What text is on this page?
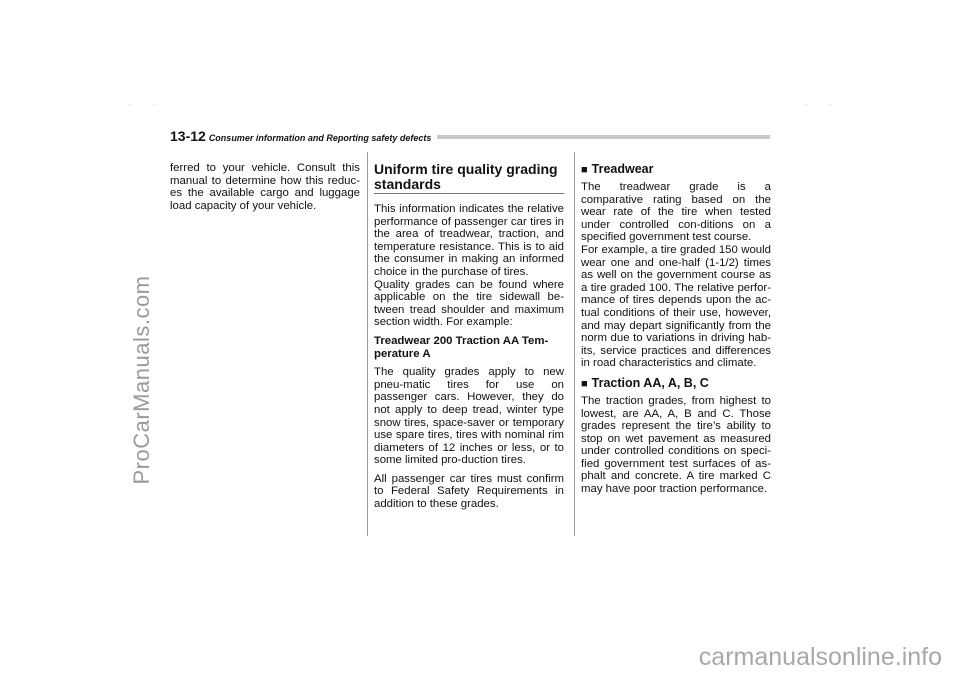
· ·	· ·
ProCarManuals.com
carmanualsonline.info
13-12 Consumer information and Reporting safety defects

ferred to your vehicle. Consult this manual to determine how this reduc-es the available cargo and luggage load capacity of your vehicle.

Uniform tire quality grading standards

This information indicates the relative performance of passenger car tires in the area of treadwear, traction, and temperature resistance. This is to aid the consumer in making an informed choice in the purchase of tires.

Quality grades can be found where applicable on the tire sidewall be-tween tread shoulder and maximum section width. For example:

Treadwear 200 Traction AA Tem-perature A

The quality grades apply to new pneu-matic tires for use on passenger cars. However, they do not apply to deep tread, winter type snow tires, space-saver or temporary use spare tires, tires with nominal rim diameters of 12 inches or less, or to some limited pro-duction tires.

All passenger car tires must confirm to Federal Safety Requirements in addition to these grades.

■ Treadwear

The treadwear grade is a comparative rating based on the wear rate of the tire when tested under controlled con-ditions on a specified government test course.

For example, a tire graded 150 would wear one and one-half (1-1/2) times as well on the government course as a tire graded 100. The relative perfor-mance of tires depends upon the ac-tual conditions of their use, however, and may depart significantly from the norm due to variations in driving hab-its, service practices and differences in road characteristics and climate.

■ Traction AA, A, B, C

The traction grades, from highest to lowest, are AA, A, B and C. Those grades represent the tire’s ability to stop on wet pavement as measured under controlled conditions on speci-fied government test surfaces of as-phalt and concrete. A tire marked C may have poor traction performance.
